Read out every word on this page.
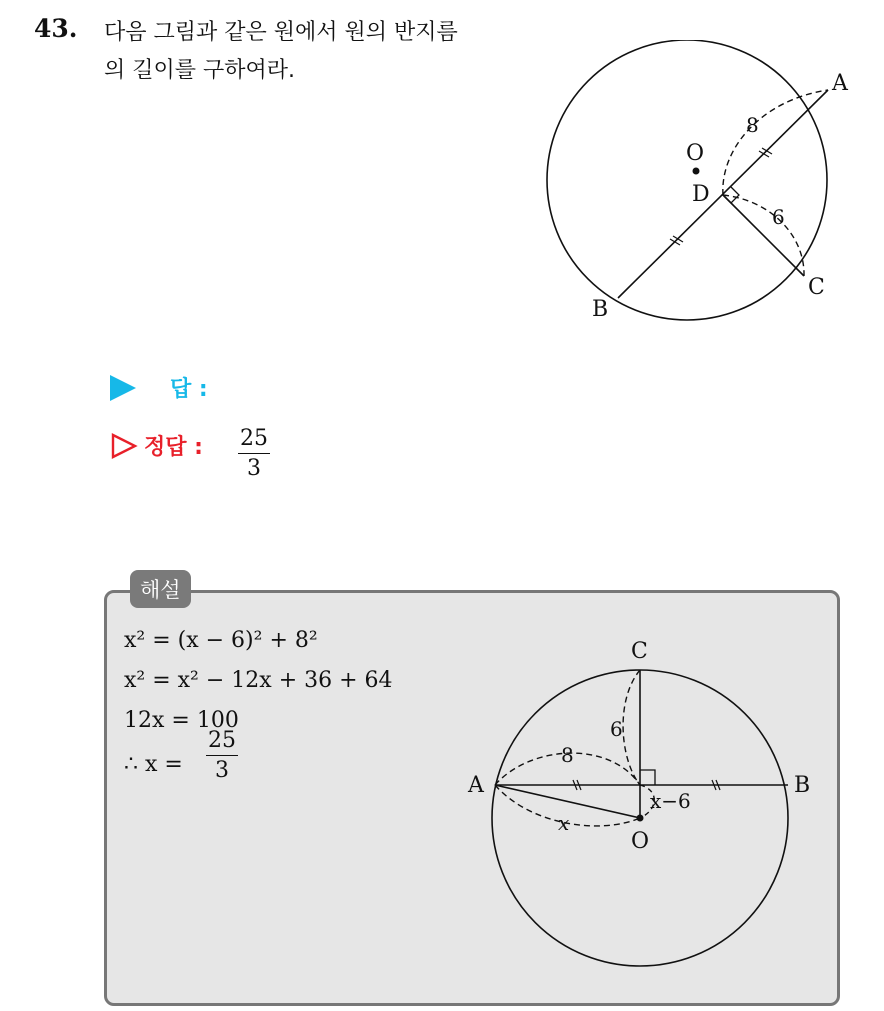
43. 다음 그림과 같은 원에서 원의 반지름
의 길이를 구하여라.
O
D
A
B
C
8
6
답 :
정답 : 25
3
해설
x² = (x − 6)² + 8²
x² = x² − 12x + 36 + 64
12x = 100
∴ x =
25
3
C
A	B
O
8
6
x
x−6
